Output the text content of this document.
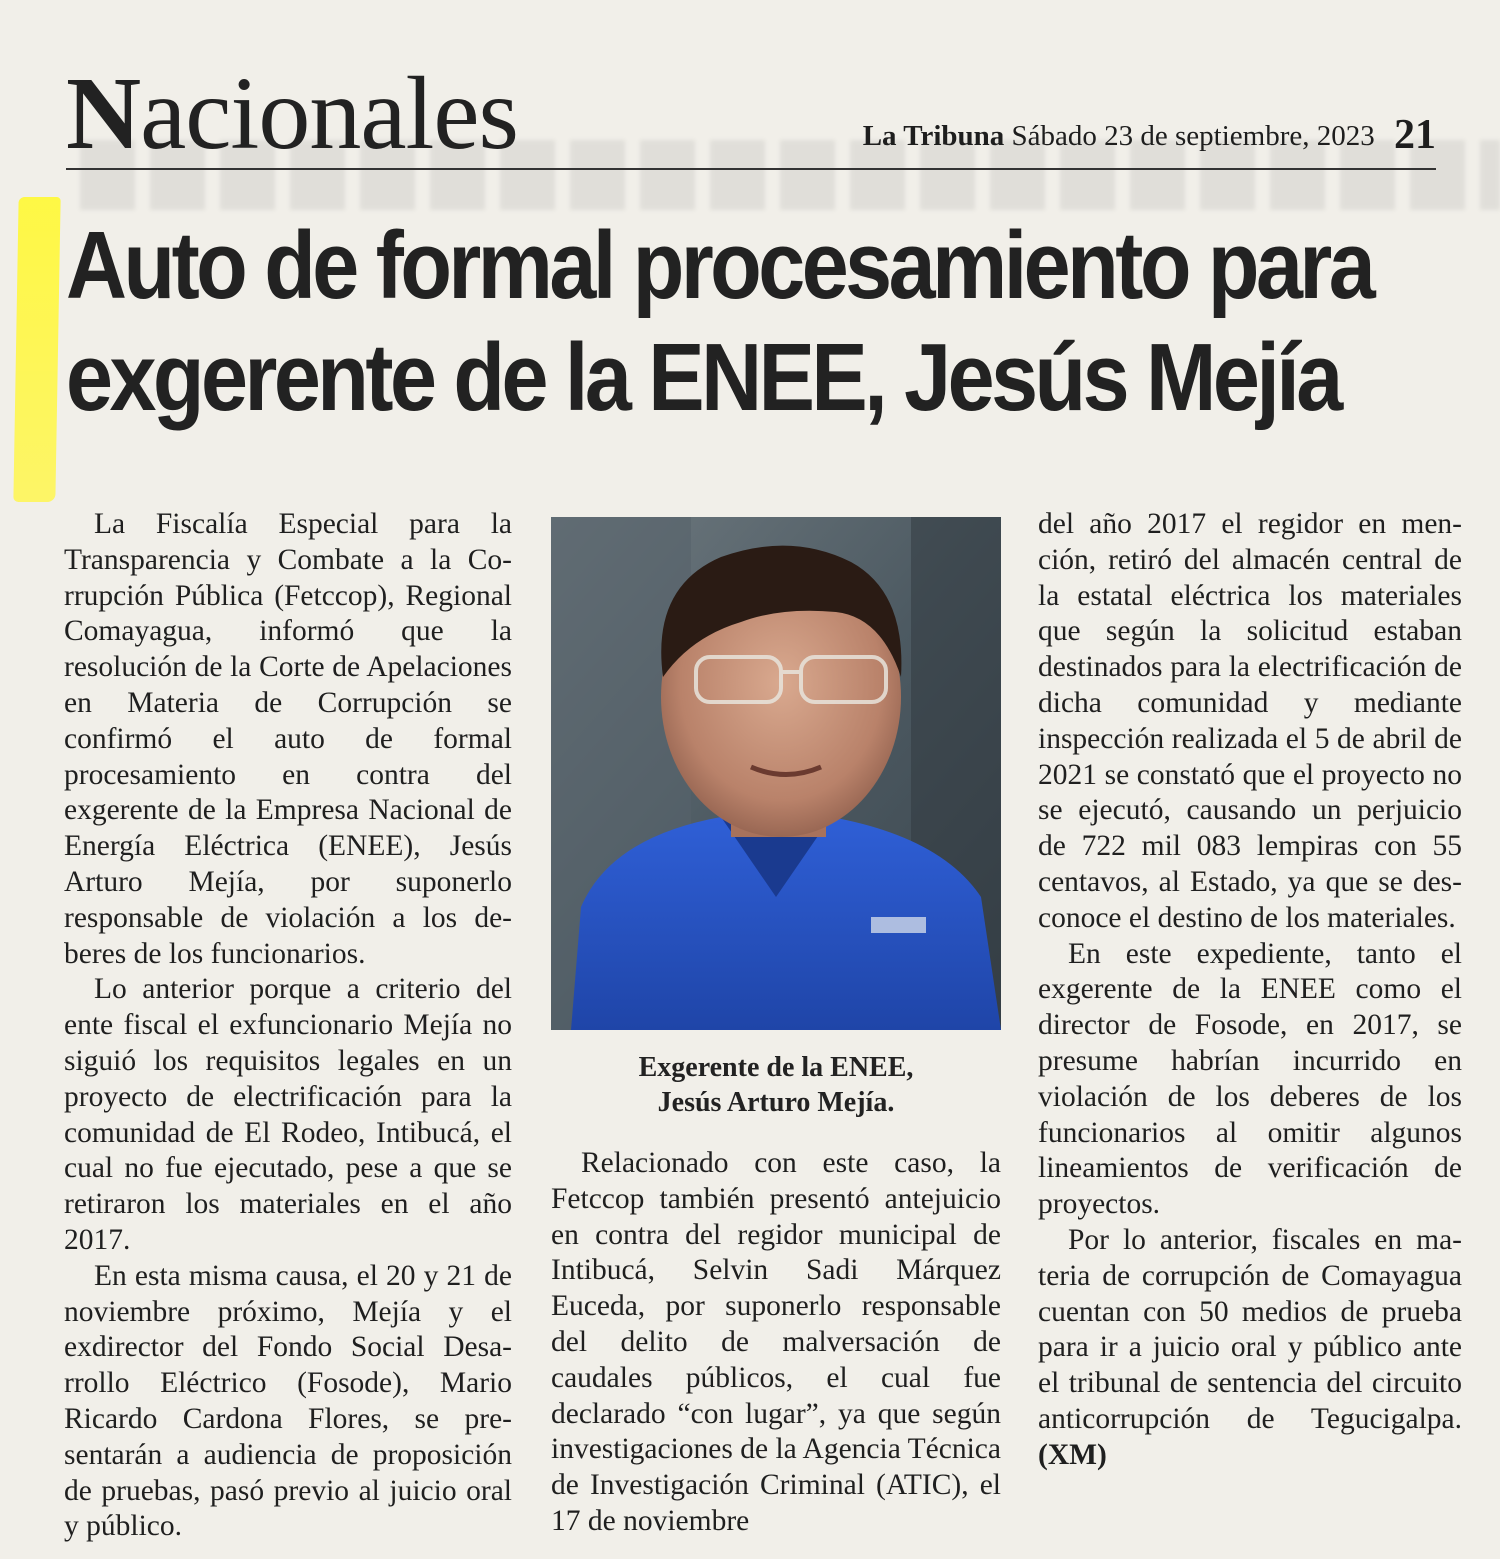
Nacionales	La Tribuna Sábado 23 de septiembre, 2023 21
Auto de formal procesamiento para
exgerente de la ENEE, Jesús Mejía

La Fiscalía Especial para la Transparencia y Combate a la Corrupción Pública (Fetccop), Regional Comayagua, informó que la resolución de la Corte de Apelaciones en Materia de Corrupción se confirmó el auto de formal procesamiento en contra del exgerente de la Empresa Nacional de Energía Eléctrica (ENEE), Jesús Arturo Mejía, por suponerlo responsable de violación a los deberes de los funcionarios.

Lo anterior porque a criterio del ente fiscal el exfuncionario Mejía no siguió los requisitos legales en un proyecto de electrificación para la comunidad de El Rodeo, Intibucá, el cual no fue ejecutado, pese a que se retiraron los materiales en el año 2017.

En esta misma causa, el 20 y 21 de noviembre próximo, Mejía y el exdirector del Fondo Social Desarrollo Eléctrico (Fosode), Mario Ricardo Cardona Flores, se presentarán a audiencia de proposición de pruebas, pasó previo al juicio oral y público.

Exgerente de la ENEE,
Jesús Arturo Mejía.

Relacionado con este caso, la Fetccop también presentó antejuicio en contra del regidor municipal de Intibucá, Selvin Sadi Márquez Euceda, por suponerlo responsable del delito de malversación de caudales públicos, el cual fue declarado “con lugar”, ya que según investigaciones de la Agencia Técnica de Investigación Criminal (ATIC), el 17 de noviembre

del año 2017 el regidor en mención, retiró del almacén central de la estatal eléctrica los materiales que según la solicitud estaban destinados para la electrificación de dicha comunidad y mediante inspección realizada el 5 de abril de 2021 se constató que el proyecto no se ejecutó, causando un perjuicio de 722 mil 083 lempiras con 55 centavos, al Estado, ya que se desconoce el destino de los materiales.

En este expediente, tanto el exgerente de la ENEE como el director de Fosode, en 2017, se presume habrían incurrido en violación de los deberes de los funcionarios al omitir algunos lineamientos de verificación de proyectos.

Por lo anterior, fiscales en materia de corrupción de Comayagua cuentan con 50 medios de prueba para ir a juicio oral y público ante el tribunal de sentencia del circuito anticorrupción de Tegucigalpa. (XM)
